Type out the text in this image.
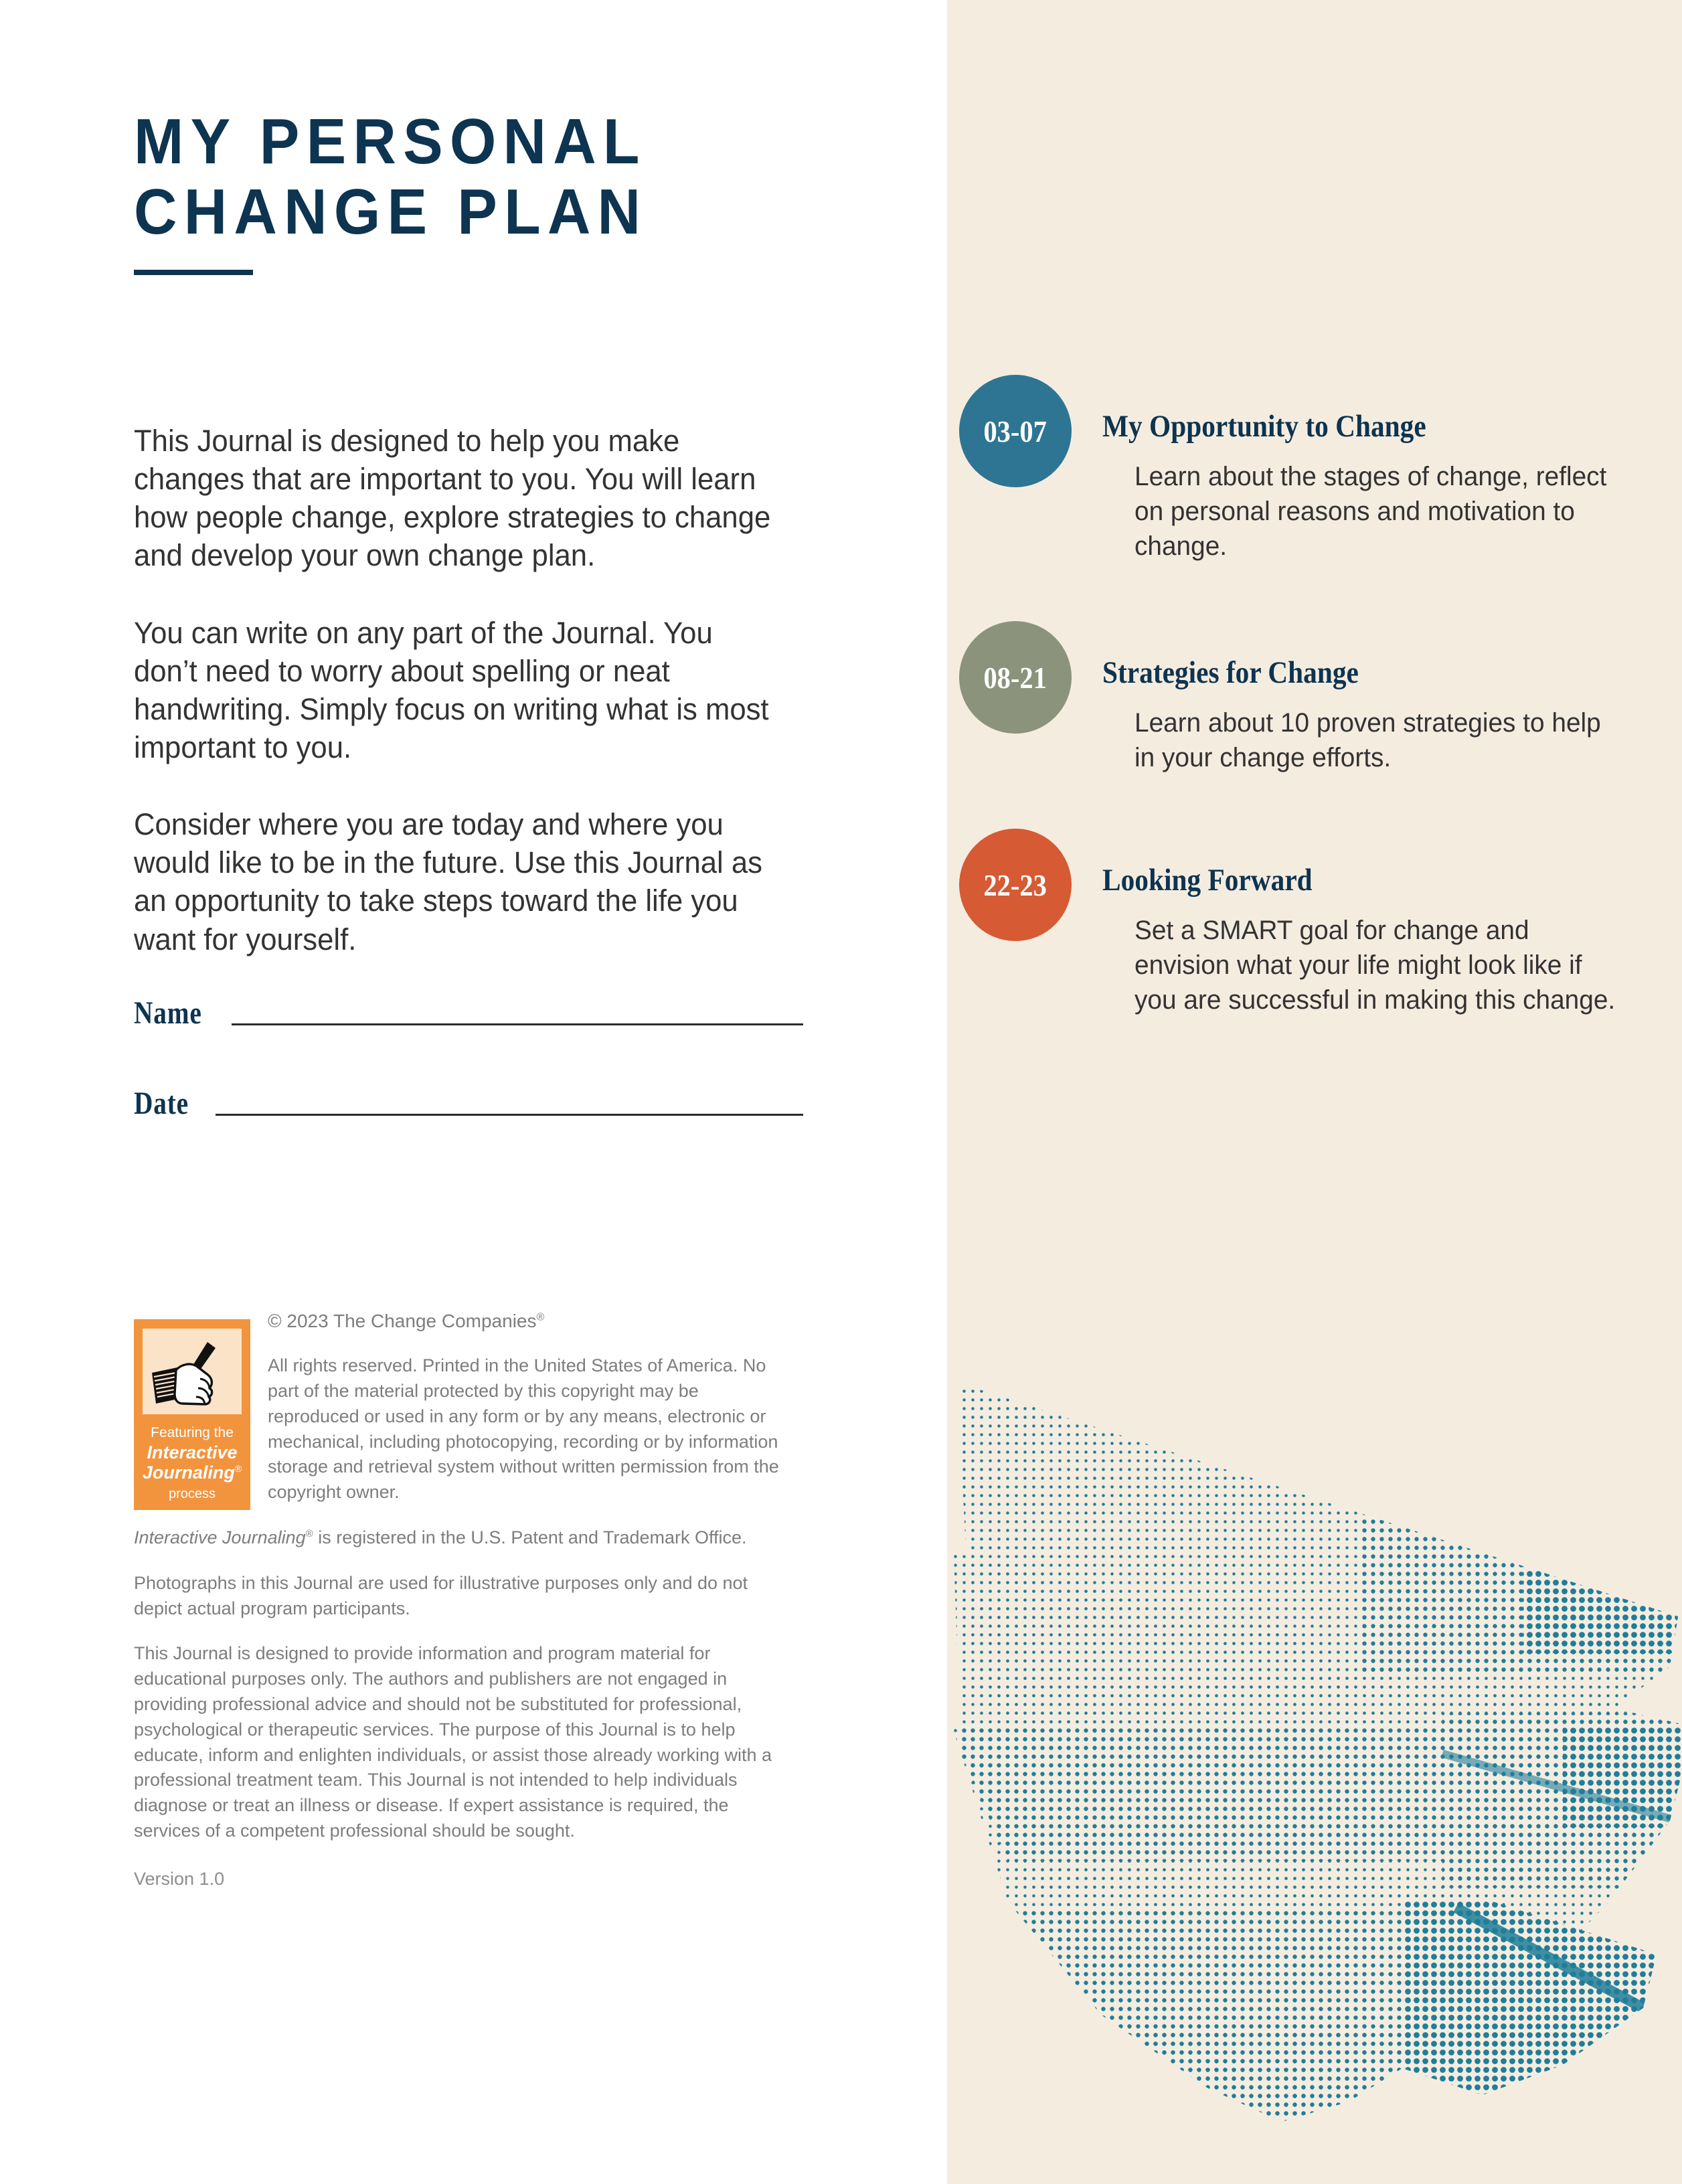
MY PERSONAL
CHANGE PLAN

This Journal is designed to help you make changes that are important to you. You will learn how people change, explore strategies to change and develop your own change plan.

You can write on any part of the Journal. You don’t need to worry about spelling or neat handwriting. Simply focus on writing what is most important to you.

Consider where you are today and where you would like to be in the future. Use this Journal as an opportunity to take steps toward the life you want for yourself.

Name
Date
Featuring the
Interactive Journaling®
process
© 2023 The Change Companies®

All rights reserved. Printed in the United States of America. No part of the material protected by this copyright may be reproduced or used in any form or by any means, electronic or mechanical, including photocopying, recording or by information storage and retrieval system without written permission from the copyright owner.

Interactive Journaling® is registered in the U.S. Patent and Trademark Office.

Photographs in this Journal are used for illustrative purposes only and do not depict actual program participants.

This Journal is designed to provide information and program material for educational purposes only. The authors and publishers are not engaged in providing professional advice and should not be substituted for professional, psychological or therapeutic services. The purpose of this Journal is to help educate, inform and enlighten individuals, or assist those already working with a professional treatment team. This Journal is not intended to help individuals diagnose or treat an illness or disease. If expert assistance is required, the services of a competent professional should be sought.

Version 1.0

03-07 My Opportunity to Change
Learn about the stages of change, reflect on personal reasons and motivation to change.
08-21 Strategies for Change
Learn about 10 proven strategies to help in your change efforts.
22-23 Looking Forward
Set a SMART goal for change and envision what your life might look like if you are successful in making this change.
